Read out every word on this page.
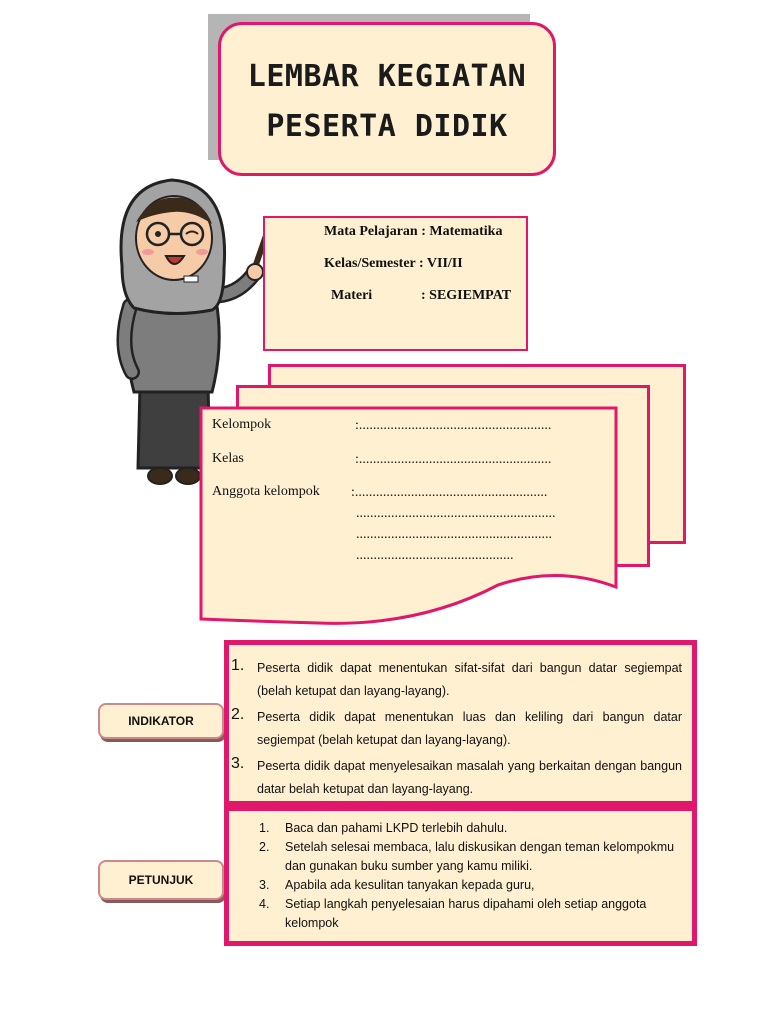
LEMBAR KEGIATAN
PESERTA DIDIK
Mata Pelajaran : Matematika
Kelas/Semester : VII/II
Materi	: SEGIEMPAT
Kelompok	:.......................................................
Kelas	:.......................................................
Anggota kelompok :.......................................................
.........................................................
........................................................
.............................................
INDIKATOR
1. Peserta didik dapat menentukan sifat-sifat dari bangun datar segiempat (belah ketupat dan layang-layang).
2. Peserta didik dapat menentukan luas dan keliling dari bangun datar segiempat (belah ketupat dan layang-layang).
3. Peserta didik dapat menyelesaikan masalah yang berkaitan dengan bangun datar belah ketupat dan layang-layang.
PETUNJUK
1. Baca dan pahami LKPD terlebih dahulu.
2. Setelah selesai membaca, lalu diskusikan dengan teman kelompokmu dan gunakan buku sumber yang kamu miliki.
3. Apabila ada kesulitan tanyakan kepada guru,
4. Setiap langkah penyelesaian harus dipahami oleh setiap anggota kelompok
